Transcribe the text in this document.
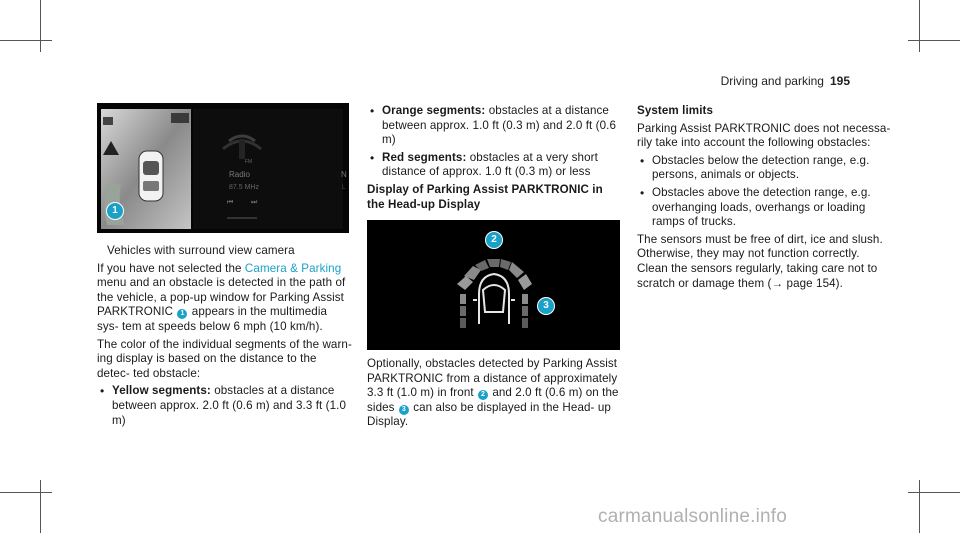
Driving and parking 195
FM
Radio
87.5 MHz
N
L
⏮	⏭
1

Vehicles with surround view camera

If you have not selected the Camera & Parking menu and an obstacle is detected in the path of the vehicle, a pop-up window for Parking Assist PARKTRONIC 1 appears in the multimedia sys- tem at speeds below 6 mph (10 km/h).

The color of the individual segments of the warn- ing display is based on the distance to the detec- ted obstacle:

• Yellow segments: obstacles at a distance between approx. 2.0 ft (0.6 m) and 3.3 ft (1.0 m)
• Orange segments: obstacles at a distance between approx. 1.0 ft (0.3 m) and 2.0 ft (0.6 m)
• Red segments: obstacles at a very short distance of approx. 1.0 ft (0.3 m) or less

Display of Parking Assist PARKTRONIC in the Head-up Display

2
3

Optionally, obstacles detected by Parking Assist PARKTRONIC from a distance of approximately 3.3 ft (1.0 m) in front 2 and 2.0 ft (0.6 m) on the sides 3 can also be displayed in the Head- up Display.

System limits

Parking Assist PARKTRONIC does not necessa- rily take into account the following obstacles:

• Obstacles below the detection range, e.g. persons, animals or objects.
• Obstacles above the detection range, e.g. overhanging loads, overhangs or loading ramps of trucks.

The sensors must be free of dirt, ice and slush. Otherwise, they may not function correctly. Clean the sensors regularly, taking care not to scratch or damage them (→ page 154).

carmanualsonline.info
